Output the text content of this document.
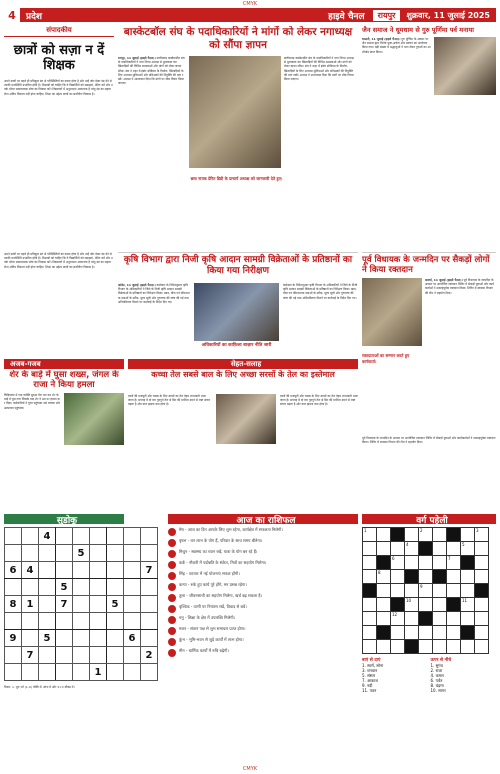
CMYK
4	प्रदेश	हाइवे चैनल	रायपुर	शुक्रवार, 11 जुलाई 2025
संपादकीय
छात्रों को सज़ा न दें शिक्षक
अपने छात्रों पर पहले ही प्रतिकूल ढंग से परिस्थितियों का दबाव होता है और उन्हें ज़ोर देकर दंड देने से उनकी मनःस्थिति प्रभावित होती है। शिक्षकों को चाहिए कि वे विद्यार्थियों को समझाएं, प्रेरित करें और उनके भीतर सकारात्मक सोच का विकास करें। विद्यालयों में अनुशासन आवश्यक है परंतु दंड का सहारा लेना अंतिम विकल्प नहीं होना चाहिए। शिक्षा का उद्देश्य छात्रों का सर्वांगीण विकास है।
बास्केटबॉल संघ के पदाधिकारियों ने मांगों को लेकर नगाध्यक्ष को सौंपा ज्ञापन
रायपुर, 11 जुलाई (हाइवे चैनल)। छत्तीसगढ़ बास्केटबॉल संघ के पदाधिकारियों ने नगर निगम अध्यक्ष से मुलाकात कर खिलाड़ियों की विभिन्न समस्याओं और मांगों को लेकर ज्ञापन सौंपा। संघ ने शहर में इंडोर स्टेडियम के निर्माण, खिलाड़ियों के लिए अभ्यास सुविधाओं और प्रशिक्षकों की नियुक्ति की मांग रखी। अध्यक्ष ने आश्वासन दिया कि मांगों पर शीघ्र विचार किया जाएगा।
छत्तीसगढ़ बास्केटबॉल संघ के पदाधिकारियों ने नगर निगम अध्यक्ष से मुलाकात कर खिलाड़ियों की विभिन्न समस्याओं और मांगों को लेकर ज्ञापन सौंपा। संघ ने शहर में इंडोर स्टेडियम के निर्माण, खिलाड़ियों के लिए अभ्यास सुविधाओं और प्रशिक्षकों की नियुक्ति की मांग रखी। अध्यक्ष ने आश्वासन दिया कि मांगों पर शीघ्र विचार किया जाएगा।
छात्र नायक प्रेरित डिग्री के प्राचार्य अध्यक्ष को जानकारी देते हुए।
जैन समाज ने धूमधाम से गुरु पूर्णिमा पर्व मनाया
धमतरी, 11 जुलाई (हाइवे चैनल)। गुरु पूर्णिमा के अवसर पर जैन समाज द्वारा विशेष पूजा-अर्चना और प्रवचन का आयोजन किया गया। बड़ी संख्या में श्रद्धालुओं ने भाग लेकर गुरुओं का आशीर्वाद प्राप्त किया।
कृषि विभाग द्वारा निजी कृषि आदान सामग्री विक्रेताओं के प्रतिष्ठानों का किया गया निरीक्षण
अधिकारियों का काफ़िला बाज़ार नीति जारी
कांकेर, 11 जुलाई (हाइवे चैनल)। कलेक्टर के निर्देशानुसार कृषि विभाग के अधिकारियों ने जिले के निजी कृषि आदान सामग्री विक्रेताओं के प्रतिष्ठानों का निरीक्षण किया। खाद, बीज एवं कीटनाशक दवाओं के स्टॉक, मूल्य सूची और गुणवत्ता की जांच की गई तथा अनियमितता मिलने पर कार्रवाई के निर्देश दिए गए।
कलेक्टर के निर्देशानुसार कृषि विभाग के अधिकारियों ने जिले के निजी कृषि आदान सामग्री विक्रेताओं के प्रतिष्ठानों का निरीक्षण किया। खाद, बीज एवं कीटनाशक दवाओं के स्टॉक, मूल्य सूची और गुणवत्ता की जांच की गई तथा अनियमितता मिलने पर कार्रवाई के निर्देश दिए गए।
अपने छात्रों पर पहले ही प्रतिकूल ढंग से परिस्थितियों का दबाव होता है और उन्हें ज़ोर देकर दंड देने से उनकी मनःस्थिति प्रभावित होती है। शिक्षकों को चाहिए कि वे विद्यार्थियों को समझाएं, प्रेरित करें और उनके भीतर सकारात्मक सोच का विकास करें। विद्यालयों में अनुशासन आवश्यक है परंतु दंड का सहारा लेना अंतिम विकल्प नहीं होना चाहिए। शिक्षा का उद्देश्य छात्रों का सर्वांगीण विकास है।
पूर्व विधायक के जन्मदिन पर सैकड़ों लोगों ने किया रक्तदान
कवर्धा, 11 जुलाई (हाइवे चैनल)। पूर्व विधायक के जन्मदिन के अवसर पर आयोजित रक्तदान शिविर में सैकड़ों युवाओं और कार्यकर्ताओं ने उत्साहपूर्वक रक्तदान किया। शिविर में स्वास्थ्य विभाग की टीम ने सहयोग दिया।
रक्तदाताओं का सम्मान करते हुए कार्यकर्ता।
अजब-गजब
शेर के बाड़े में घुसा शख्स, जंगल के राजा ने किया हमला
चिड़ियाघर में एक व्यक्ति सुरक्षा घेरा पार कर शेर के बाड़े में घुस गया जिसके बाद शेर ने उस पर हमला कर दिया। कर्मचारियों ने तुरंत पहुंचकर उसे बचाया और अस्पताल पहुंचाया।
सेहत-सलाह
कच्चा तेल सबसे बाल के लिए अच्छा सरसों के तेल का इस्तेमाल
बालों की मजबूती और चमक के लिए सरसों का तेल बेहद लाभकारी माना जाता है। सप्ताह में दो बार गुनगुने तेल से सिर की मालिश करने से रक्त संचार बढ़ता है और बाल झड़ना कम होता है।
बालों की मजबूती और चमक के लिए सरसों का तेल बेहद लाभकारी माना जाता है। सप्ताह में दो बार गुनगुने तेल से सिर की मालिश करने से रक्त संचार बढ़ता है और बाल झड़ना कम होता है।
पूर्व विधायक के जन्मदिन के अवसर पर आयोजित रक्तदान शिविर में सैकड़ों युवाओं और कार्यकर्ताओं ने उत्साहपूर्वक रक्तदान किया। शिविर में स्वास्थ्य विभाग की टीम ने सहयोग दिया।
सुडोकू
		4						
				5				
6	4							7
			5					
8	1		7			5		

9		5					6	
	7							2
					1			
नियम: 1. पूरा भरें (1-9) पंक्ति में, स्तंभ में और 3×3 बॉक्स में।
आज का राशिफल
मेष - आज का दिन आपके लिए शुभ रहेगा, कार्यक्षेत्र में सफलता मिलेगी।
वृषभ - धन लाभ के योग हैं, परिवार के साथ समय बीतेगा।
मिथुन - स्वास्थ्य का ध्यान रखें, यात्रा के योग बन रहे हैं।
कर्क - नौकरी में पदोन्नति के संकेत, मित्रों का सहयोग मिलेगा।
सिंह - व्यापार में नई योजनाएं सफल होंगी।
कन्या - रुके हुए कार्य पूरे होंगे, मन प्रसन्न रहेगा।
तुला - जीवनसाथी का सहयोग मिलेगा, खर्च बढ़ सकता है।
वृश्चिक - वाणी पर नियंत्रण रखें, विवाद से बचें।
धनु - शिक्षा के क्षेत्र में उपलब्धि मिलेगी।
मकर - संतान पक्ष से शुभ समाचार प्राप्त होगा।
कुंभ - भूमि-भवन से जुड़े कार्यों में लाभ होगा।
मीन - धार्मिक कार्यों में रुचि बढ़ेगी।
वर्ग पहेली
1				2				3
			4				5	
		6				7		
	8							
				9				
			10				11	
		12						

बाएं से दाएं
1. स्वर्ण, सोना
3. धनवान
5. संसार
7. आकाश
9. नदी
11. पवन
ऊपर से नीचे
1. सुगंध
2. राजा
4. कमल
6. पर्वत
8. चंद्रमा
10. सागर
CMYK
